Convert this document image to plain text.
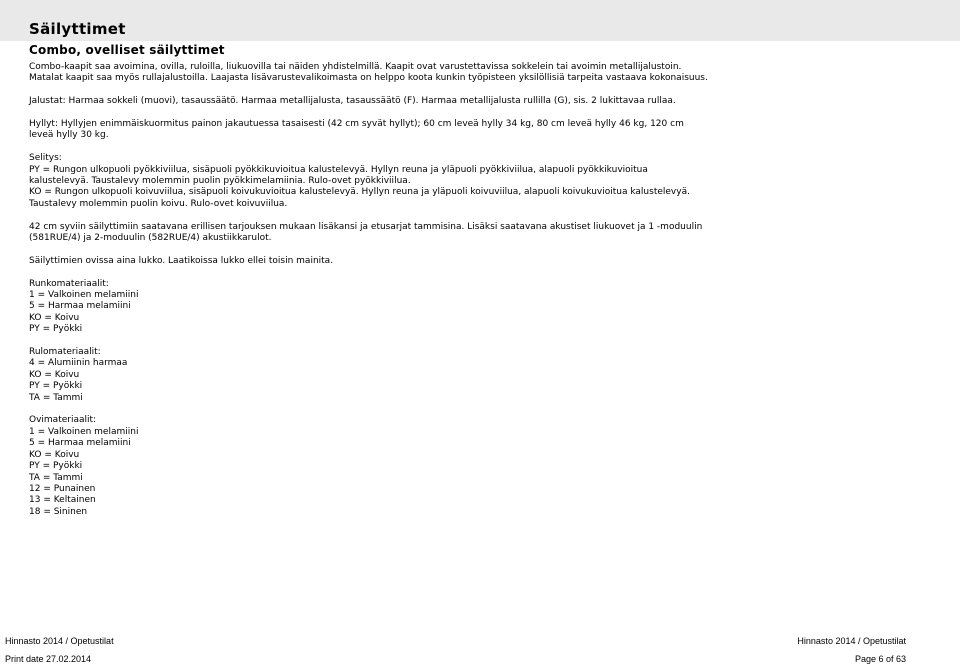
Säilyttimet
Combo, ovelliset säilyttimet

Combo-kaapit saa avoimina, ovilla, ruloilla, liukuovilla tai näiden yhdistelmillä. Kaapit ovat varustettavissa sokkelein tai avoimin metallijalustoin. Matalat kaapit saa myös rullajalustoilla. Laajasta lisävarustevalikoimasta on helppo koota kunkin työpisteen yksilöllisiä tarpeita vastaava kokonaisuus.

Jalustat: Harmaa sokkeli (muovi), tasaussäätö. Harmaa metallijalusta, tasaussäätö (F). Harmaa metallijalusta rullilla (G), sis. 2 lukittavaa rullaa.

Hyllyt: Hyllyjen enimmäiskuormitus painon jakautuessa tasaisesti (42 cm syvät hyllyt); 60 cm leveä hylly 34 kg, 80 cm leveä hylly 46 kg, 120 cm leveä hylly 30 kg.

Selitys:

PY = Rungon ulkopuoli pyökkiviilua, sisäpuoli pyökkikuvioitua kalustelevyä. Hyllyn reuna ja yläpuoli pyökkiviilua, alapuoli pyökkikuvioitua kalustelevyä. Taustalevy molemmin puolin pyökkimelamiinia. Rulo-ovet pyökkiviilua.

KO = Rungon ulkopuoli koivuviilua, sisäpuoli koivukuvioitua kalustelevyä. Hyllyn reuna ja yläpuoli koivuviilua, alapuoli koivukuvioitua kalustelevyä. Taustalevy molemmin puolin koivu. Rulo-ovet koivuviilua.

42 cm syviin säilyttimiin saatavana erillisen tarjouksen mukaan lisäkansi ja etusarjat tammisina. Lisäksi saatavana akustiset liukuovet ja 1 -moduulin (581RUE/4) ja 2-moduulin (582RUE/4) akustiikkarulot.

Säilyttimien ovissa aina lukko. Laatikoissa lukko ellei toisin mainita.

Runkomateriaalit:

1 = Valkoinen melamiini
5 = Harmaa melamiini
KO = Koivu
PY = Pyökki

Rulomateriaalit:

4 = Alumiinin harmaa
KO = Koivu
PY = Pyökki
TA = Tammi

Ovimateriaalit:

1 = Valkoinen melamiini
5 = Harmaa melamiini
KO = Koivu
PY = Pyökki
TA = Tammi
12 = Punainen
13 = Keltainen
18 = Sininen
Hinnasto 2014 / Opetustilat
Print date 27.02.2014
Hinnasto 2014 / Opetustilat
Page 6 of 63
